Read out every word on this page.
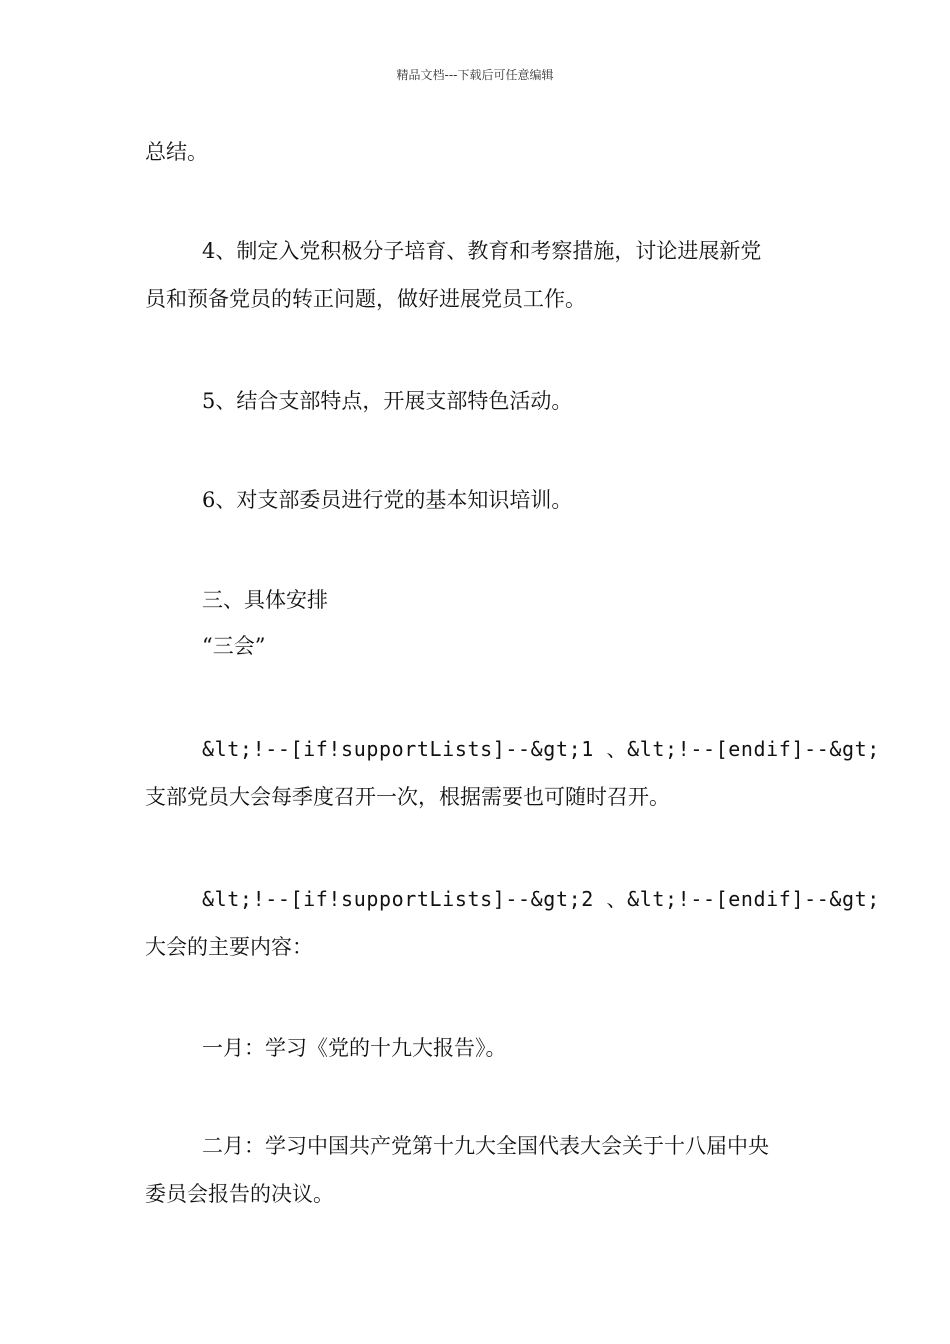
精品文档---下载后可任意编辑

总结。

4、制定入党积极分子培育、教育和考察措施，讨论进展新党
员和预备党员的转正问题，做好进展党员工作。

5、结合支部特点，开展支部特色活动。

6、对支部委员进行党的基本知识培训。

三、具体安排

“三会”

&lt;!--[if!supportLists]--&gt;1 、&lt;!--[endif]--&gt;
支部党员大会每季度召开一次，根据需要也可随时召开。

&lt;!--[if!supportLists]--&gt;2 、&lt;!--[endif]--&gt;
大会的主要内容：

一月：学习《党的十九大报告》。

二月：学习中国共产党第十九大全国代表大会关于十八届中央
委员会报告的决议。
